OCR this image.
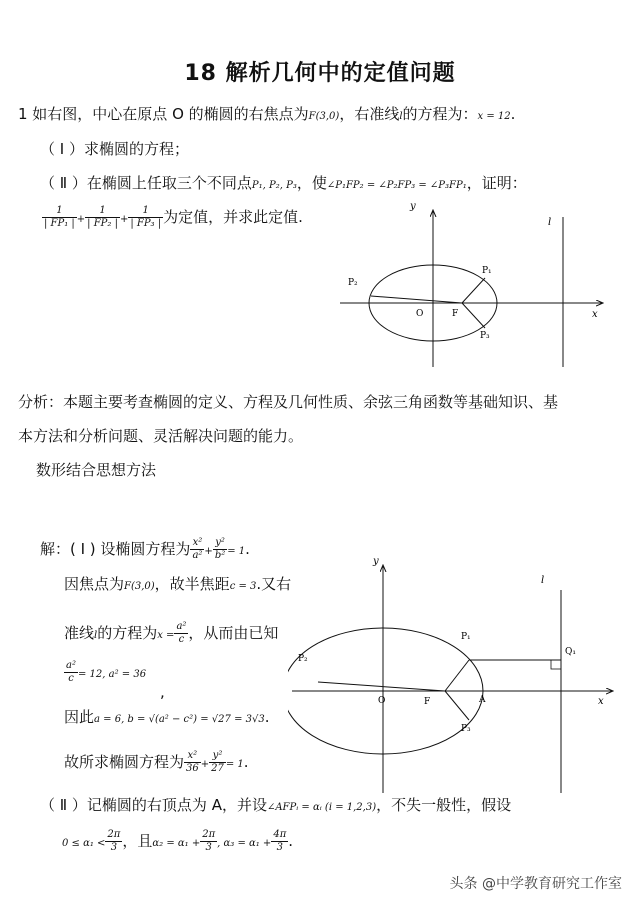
18 解析几何中的定值问题
1 如右图，中心在原点 O 的椭圆的右焦点为F(3,0)，右准线l的方程为：x = 12.
（ Ⅰ ）求椭圆的方程；
（ Ⅱ ）在椭圆上任取三个不同点P₁, P₂, P₃，使∠P₁FP₂ = ∠P₂FP₃ = ∠P₃FP₁，证明：
$\frac{1}{\text{| FP₁ |}} + \frac{1}{\text{| FP₂ |}} + \frac{1}{\text{| FP₃ |}}$ 为定值，并求此定值.
y
x
l
O	F
P₁
P₂
P₃
分析：本题主要考查椭圆的定义、方程及几何性质、余弦三角函数等基础知识、基
本方法和分析问题、灵活解决问题的能力。
数形结合思想方法
解：( Ⅰ ) 设椭圆方程为 $\frac{\text{x²}}{\text{a²}} + \frac{\text{y²}}{\text{b²}} = 1$.
因焦点为F(3,0)，故半焦距c = 3.又右
准线l的方程为$x = \frac{\text{a²}}{c}$ ，从而由已知
$\frac{\text{a²}}{c} = 12$, a² = 36
,
因此a = 6, b = √(a² − c²) = √27 = 3√3.
故所求椭圆方程为 $\frac{\text{x²}}{36} + \frac{\text{y²}}{27} = 1$.
y
x
l
O	F	A
P₁
P₂
P₃
Q₁
（ Ⅱ ）记椭圆的右顶点为 A，并设∠AFPᵢ = αᵢ (i = 1,2,3)，不失一般性，假设
$0 \le \alpha_1 < \frac{2\pi}{3}$ ，且$\alpha_2 = \alpha_1 + \frac{2\pi}{3}$ , $\alpha_3 = \alpha_1 + \frac{4\pi}{3}$ .
头条 @中学教育研究工作室
